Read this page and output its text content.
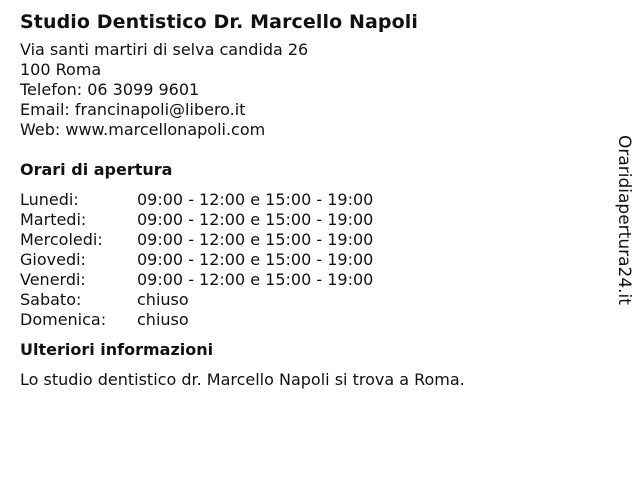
Studio Dentistico Dr. Marcello Napoli

Via santi martiri di selva candida 26

100 Roma

Telefon: 06 3099 9601

Email: francinapoli@libero.it

Web: www.marcellonapoli.com

Orari di apertura
Lunedi:	09:00 - 12:00 e 15:00 - 19:00
Martedi:	09:00 - 12:00 e 15:00 - 19:00
Mercoledi:	09:00 - 12:00 e 15:00 - 19:00
Giovedi:	09:00 - 12:00 e 15:00 - 19:00
Venerdi:	09:00 - 12:00 e 15:00 - 19:00
Sabato:	chiuso
Domenica:	chiuso
Ulteriori informazioni

Lo studio dentistico dr. Marcello Napoli si trova a Roma.

Oraridiapertura24.it
